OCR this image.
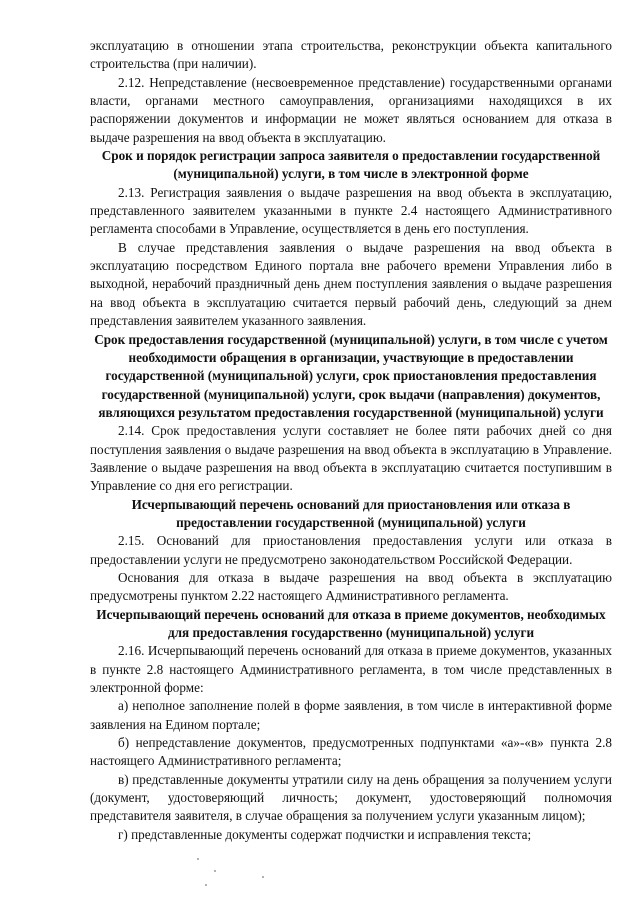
эксплуатацию в отношении этапа строительства, реконструкции объекта капитального строительства (при наличии).

2.12. Непредставление (несвоевременное представление) государственными органами власти, органами местного самоуправления, организациями находящихся в их распоряжении документов и информации не может являться основанием для отказа в выдаче разрешения на ввод объекта в эксплуатацию.

Срок и порядок регистрации запроса заявителя о предоставлении государственной (муниципальной) услуги, в том числе в электронной форме

2.13. Регистрация заявления о выдаче разрешения на ввод объекта в эксплуатацию, представленного заявителем указанными в пункте 2.4 настоящего Административного регламента способами в Управление, осуществляется в день его поступления.

В случае представления заявления о выдаче разрешения на ввод объекта в эксплуатацию посредством Единого портала вне рабочего времени Управления либо в выходной, нерабочий праздничный день днем поступления заявления о выдаче разрешения на ввод объекта в эксплуатацию считается первый рабочий день, следующий за днем представления заявителем указанного заявления.

Срок предоставления государственной (муниципальной) услуги, в том числе с учетом необходимости обращения в организации, участвующие в предоставлении государственной (муниципальной) услуги, срок приостановления предоставления государственной (муниципальной) услуги, срок выдачи (направления) документов, являющихся результатом предоставления государственной (муниципальной) услуги

2.14. Срок предоставления услуги составляет не более пяти рабочих дней со дня поступления заявления о выдаче разрешения на ввод объекта в эксплуатацию в Управление. Заявление о выдаче разрешения на ввод объекта в эксплуатацию считается поступившим в Управление со дня его регистрации.

Исчерпывающий перечень оснований для приостановления или отказа в предоставлении государственной (муниципальной) услуги

2.15. Оснований для приостановления предоставления услуги или отказа в предоставлении услуги не предусмотрено законодательством Российской Федерации.

Основания для отказа в выдаче разрешения на ввод объекта в эксплуатацию предусмотрены пунктом 2.22 настоящего Административного регламента.

Исчерпывающий перечень оснований для отказа в приеме документов, необходимых для предоставления государственно (муниципальной) услуги

2.16. Исчерпывающий перечень оснований для отказа в приеме документов, указанных в пункте 2.8 настоящего Административного регламента, в том числе представленных в электронной форме:

а) неполное заполнение полей в форме заявления, в том числе в интерактивной форме заявления на Едином портале;

б) непредставление документов, предусмотренных подпунктами «а»-«в» пункта 2.8 настоящего Административного регламента;

в) представленные документы утратили силу на день обращения за получением услуги (документ, удостоверяющий личность; документ, удостоверяющий полномочия представителя заявителя, в случае обращения за получением услуги указанным лицом);

г) представленные документы содержат подчистки и исправления текста;
